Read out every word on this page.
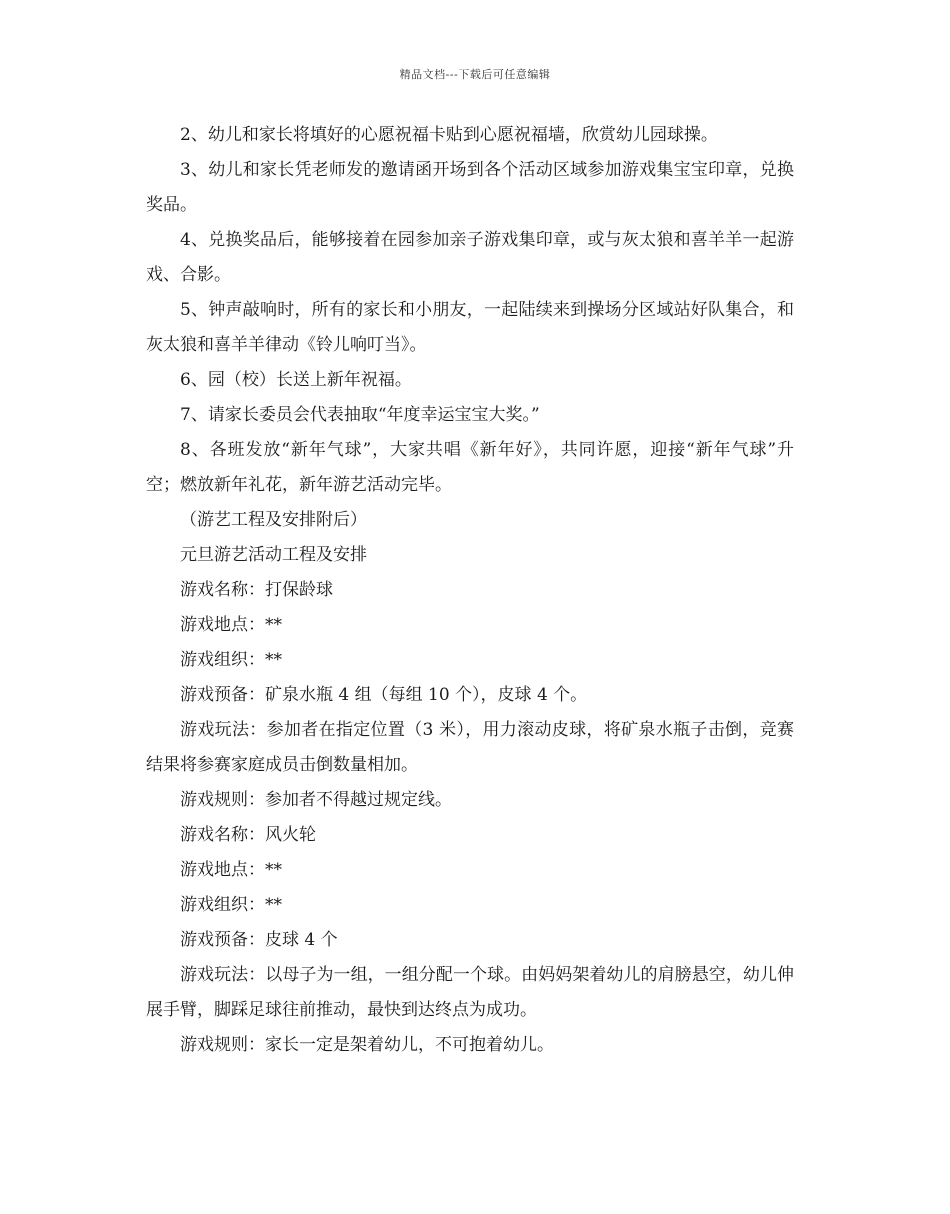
精品文档---下载后可任意编辑

2、幼儿和家长将填好的心愿祝福卡贴到心愿祝福墙，欣赏幼儿园球操。

3、幼儿和家长凭老师发的邀请函开场到各个活动区域参加游戏集宝宝印章，兑换奖品。

4、兑换奖品后，能够接着在园参加亲子游戏集印章，或与灰太狼和喜羊羊一起游戏、合影。

5、钟声敲响时，所有的家长和小朋友，一起陆续来到操场分区域站好队集合，和灰太狼和喜羊羊律动《铃儿响叮当》。

6、园（校）长送上新年祝福。

7、请家长委员会代表抽取“年度幸运宝宝大奖。”

8、各班发放“新年气球”，大家共唱《新年好》，共同许愿，迎接“新年气球”升空；燃放新年礼花，新年游艺活动完毕。

（游艺工程及安排附后）

元旦游艺活动工程及安排

游戏名称：打保龄球

游戏地点：**

游戏组织：**

游戏预备：矿泉水瓶 4 组（每组 10 个），皮球 4 个。

游戏玩法：参加者在指定位置（3 米），用力滚动皮球，将矿泉水瓶子击倒，竞赛结果将参赛家庭成员击倒数量相加。

游戏规则：参加者不得越过规定线。

游戏名称：风火轮

游戏地点：**

游戏组织：**

游戏预备：皮球 4 个

游戏玩法：以母子为一组，一组分配一个球。由妈妈架着幼儿的肩膀悬空，幼儿伸展手臂，脚踩足球往前推动，最快到达终点为成功。

游戏规则：家长一定是架着幼儿，不可抱着幼儿。
